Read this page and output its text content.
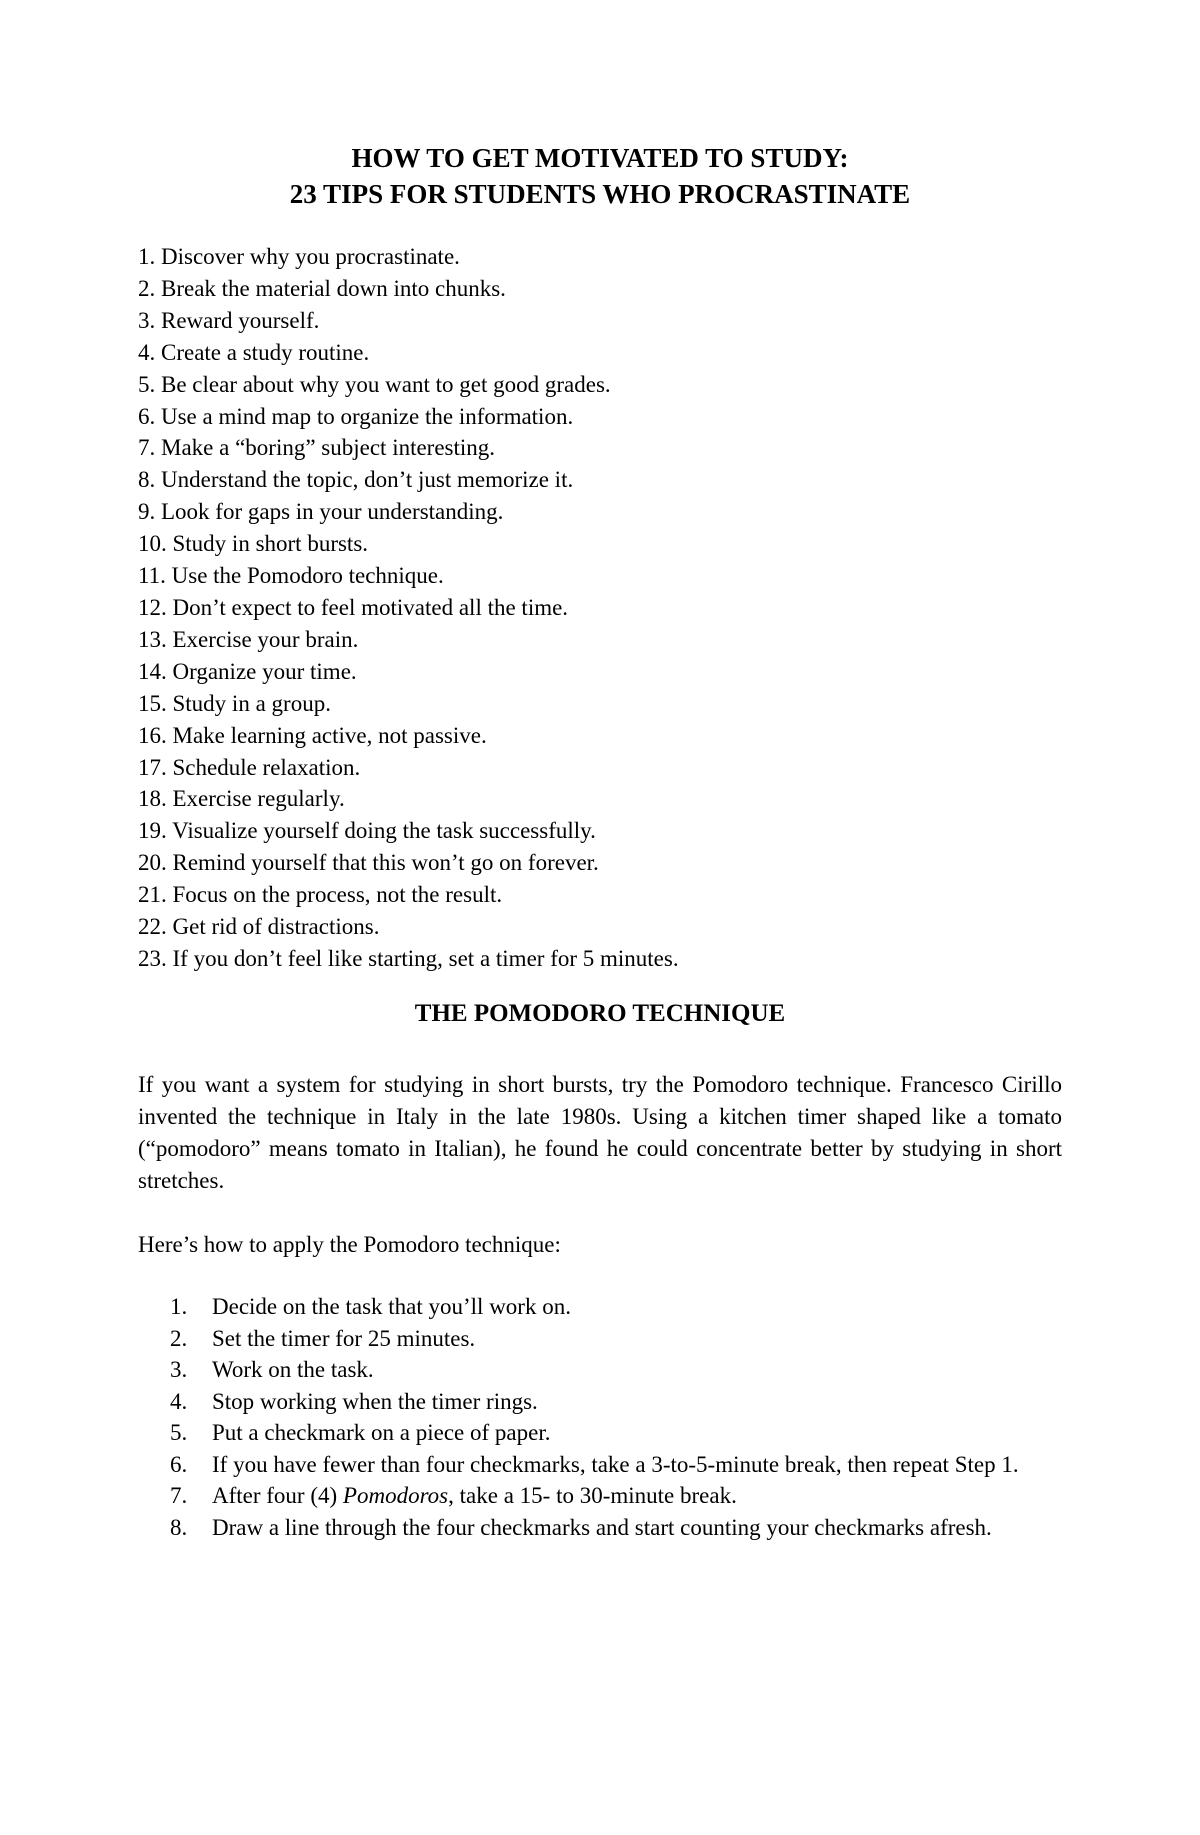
HOW TO GET MOTIVATED TO STUDY:
23 TIPS FOR STUDENTS WHO PROCRASTINATE
1. Discover why you procrastinate.
2. Break the material down into chunks.
3. Reward yourself.
4. Create a study routine.
5. Be clear about why you want to get good grades.
6. Use a mind map to organize the information.
7. Make a “boring” subject interesting.
8. Understand the topic, don’t just memorize it.
9. Look for gaps in your understanding.
10. Study in short bursts.
11. Use the Pomodoro technique.
12. Don’t expect to feel motivated all the time.
13. Exercise your brain.
14. Organize your time.
15. Study in a group.
16. Make learning active, not passive.
17. Schedule relaxation.
18. Exercise regularly.
19. Visualize yourself doing the task successfully.
20. Remind yourself that this won’t go on forever.
21. Focus on the process, not the result.
22. Get rid of distractions.
23. If you don’t feel like starting, set a timer for 5 minutes.
THE POMODORO TECHNIQUE

If you want a system for studying in short bursts, try the Pomodoro technique. Francesco Cirillo invented the technique in Italy in the late 1980s. Using a kitchen timer shaped like a tomato (“pomodoro” means tomato in Italian), he found he could concentrate better by studying in short stretches.

Here’s how to apply the Pomodoro technique:

1.	Decide on the task that you’ll work on.
2.	Set the timer for 25 minutes.
3.	Work on the task.
4.	Stop working when the timer rings.
5.	Put a checkmark on a piece of paper.
6.	If you have fewer than four checkmarks, take a 3-to-5-minute break, then repeat Step 1.
7.	After four (4) Pomodoros, take a 15- to 30-minute break.
8.	Draw a line through the four checkmarks and start counting your checkmarks afresh.
